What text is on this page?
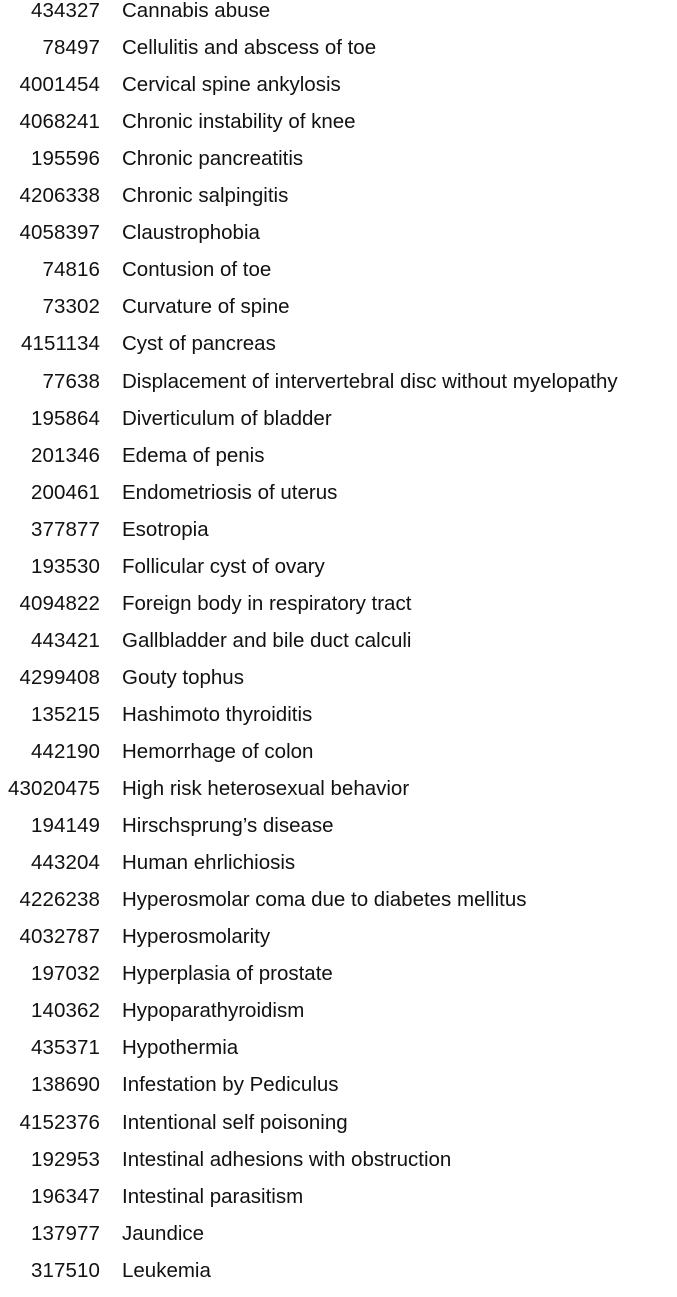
434327 Cannabis abuse
78497 Cellulitis and abscess of toe
4001454 Cervical spine ankylosis
4068241 Chronic instability of knee
195596 Chronic pancreatitis
4206338 Chronic salpingitis
4058397 Claustrophobia
74816 Contusion of toe
73302 Curvature of spine
4151134 Cyst of pancreas
77638 Displacement of intervertebral disc without myelopathy
195864 Diverticulum of bladder
201346 Edema of penis
200461 Endometriosis of uterus
377877 Esotropia
193530 Follicular cyst of ovary
4094822 Foreign body in respiratory tract
443421 Gallbladder and bile duct calculi
4299408 Gouty tophus
135215 Hashimoto thyroiditis
442190 Hemorrhage of colon
43020475 High risk heterosexual behavior
194149 Hirschsprung’s disease
443204 Human ehrlichiosis
4226238 Hyperosmolar coma due to diabetes mellitus
4032787 Hyperosmolarity
197032 Hyperplasia of prostate
140362 Hypoparathyroidism
435371 Hypothermia
138690 Infestation by Pediculus
4152376 Intentional self poisoning
192953 Intestinal adhesions with obstruction
196347 Intestinal parasitism
137977 Jaundice
317510 Leukemia
